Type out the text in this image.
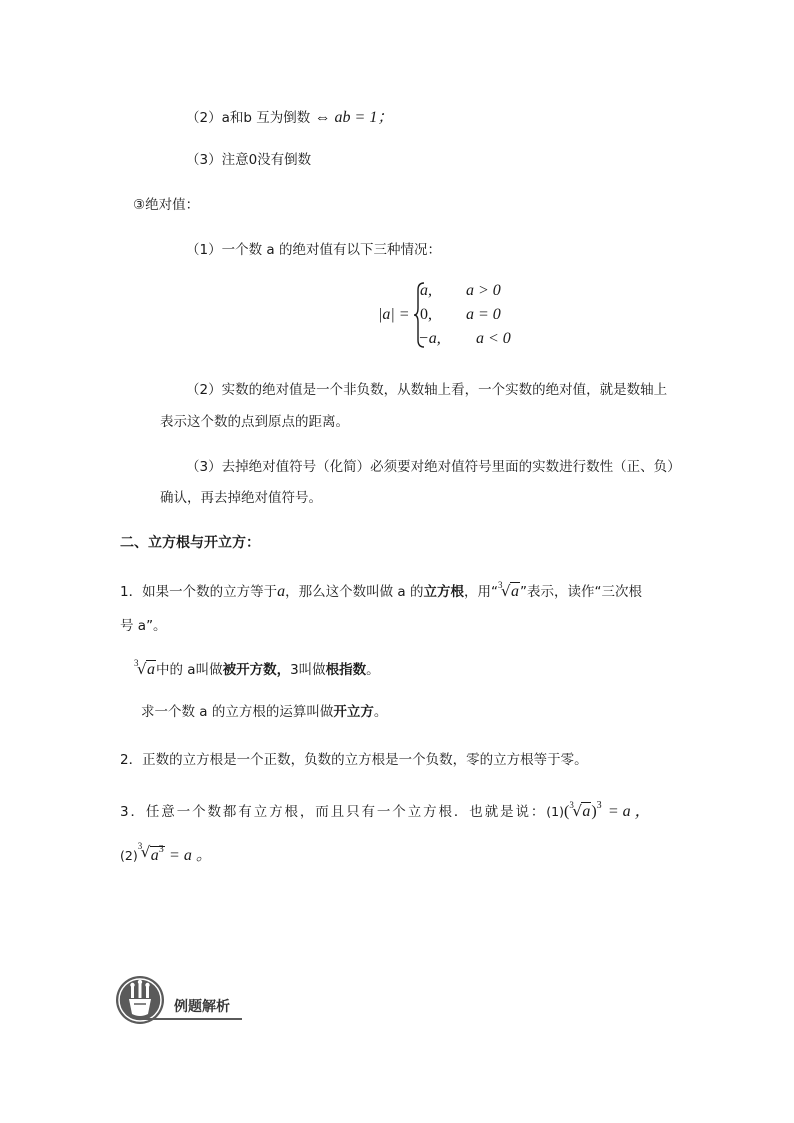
（2）a和b 互为倒数 ⇔ ab = 1；
（3）注意0没有倒数
③绝对值：
（1）一个数 a 的绝对值有以下三种情况：
|a| =
a, a > 0
0, a = 0
−a, a < 0
（2）实数的绝对值是一个非负数，从数轴上看，一个实数的绝对值，就是数轴上
表示这个数的点到原点的距离。
（3）去掉绝对值符号（化简）必须要对绝对值符号里面的实数进行数性（正、负）
确认，再去掉绝对值符号。
二、立方根与开立方：
1．如果一个数的立方等于a，那么这个数叫做 a 的立方根，用“ 3
√ a”表示，读作“三次根
号 a”。
3
√ a中的 a叫做被开方数，3叫做根指数。
求一个数 a 的立方根的运算叫做开立方。
2．正数的立方根是一个正数，负数的立方根是一个负数，零的立方根等于零。
3．任意一个数都有立方根，而且只有一个立方根．也就是说：(1)( 3
√ a)$^3$ = a ，
(2)
3
√ $a^3 = a$ 。
例题解析
